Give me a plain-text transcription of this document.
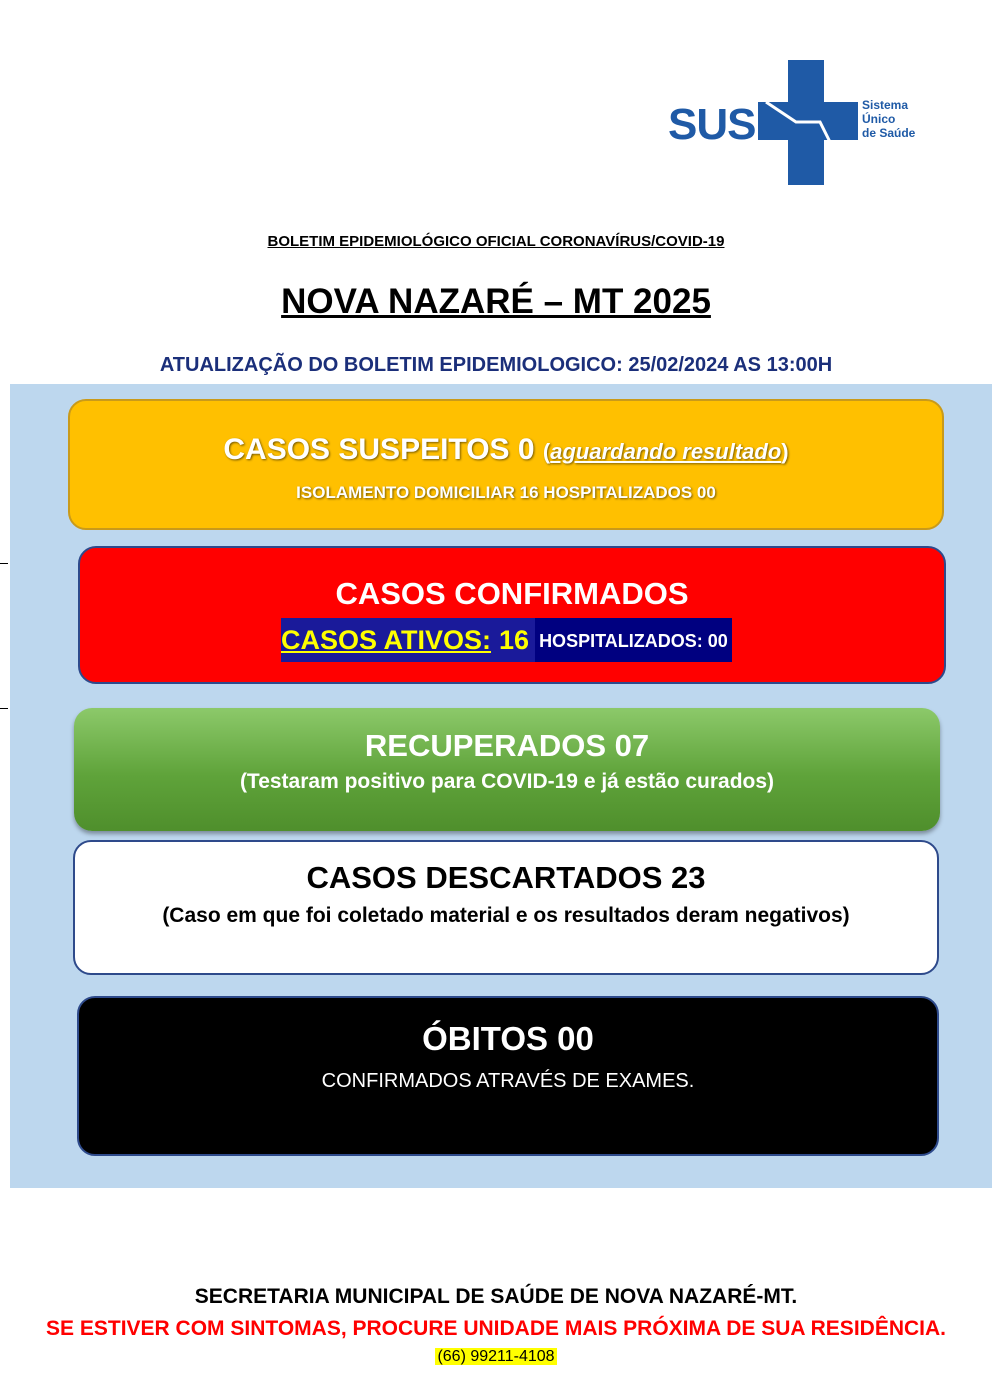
SUS	Sistema
Único
de Saúde
BOLETIM EPIDEMIOLÓGICO OFICIAL CORONAVÍRUS/COVID-19
NOVA NAZARÉ – MT 2025
ATUALIZAÇÃO DO BOLETIM EPIDEMIOLOGICO: 25/02/2024 AS 13:00H
CASOS SUSPEITOS 0 (aguardando resultado)
ISOLAMENTO DOMICILIAR 16 HOSPITALIZADOS 00
CASOS CONFIRMADOS
CASOS ATIVOS: 16 HOSPITALIZADOS: 00
RECUPERADOS 07
(Testaram positivo para COVID-19 e já estão curados)
CASOS DESCARTADOS 23
(Caso em que foi coletado material e os resultados deram negativos)
ÓBITOS 00
CONFIRMADOS ATRAVÉS DE EXAMES.
SECRETARIA MUNICIPAL DE SAÚDE DE NOVA NAZARÉ-MT.
SE ESTIVER COM SINTOMAS, PROCURE UNIDADE MAIS PRÓXIMA DE SUA RESIDÊNCIA.
(66) 99211-4108
